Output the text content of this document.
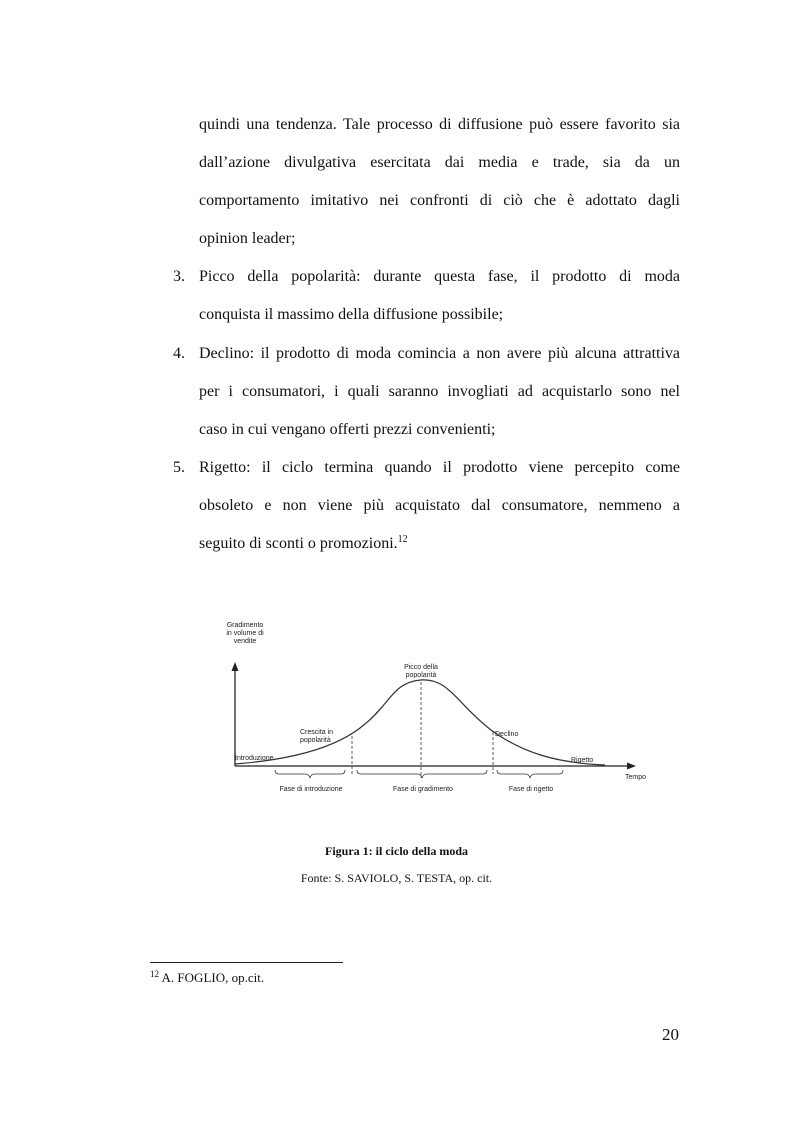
quindi una tendenza. Tale processo di diffusione può essere favorito sia
dall’azione divulgativa esercitata dai media e trade, sia da un
comportamento imitativo nei confronti di ciò che è adottato dagli
opinion leader;
3. Picco della popolarità: durante questa fase, il prodotto di moda
conquista il massimo della diffusione possibile;
4. Declino: il prodotto di moda comincia a non avere più alcuna attrattiva
per i consumatori, i quali saranno invogliati ad acquistarlo sono nel
caso in cui vengano offerti prezzi convenienti;
5. Rigetto: il ciclo termina quando il prodotto viene percepito come
obsoleto e non viene più acquistato dal consumatore, nemmeno a
seguito di sconti o promozioni.$^{12}$
Gradimento
in volume di
vendite
Introduzione
Crescita in
popolarità
Picco della
popolarità
Declino
Rigetto
Tempo
Fase di introduzione	Fase di gradimento	Fase di rigetto
Figura 1: il ciclo della moda
Fonte: S. SAVIOLO, S. TESTA, op. cit.
$^{12}$ A. FOGLIO, op.cit.
20
